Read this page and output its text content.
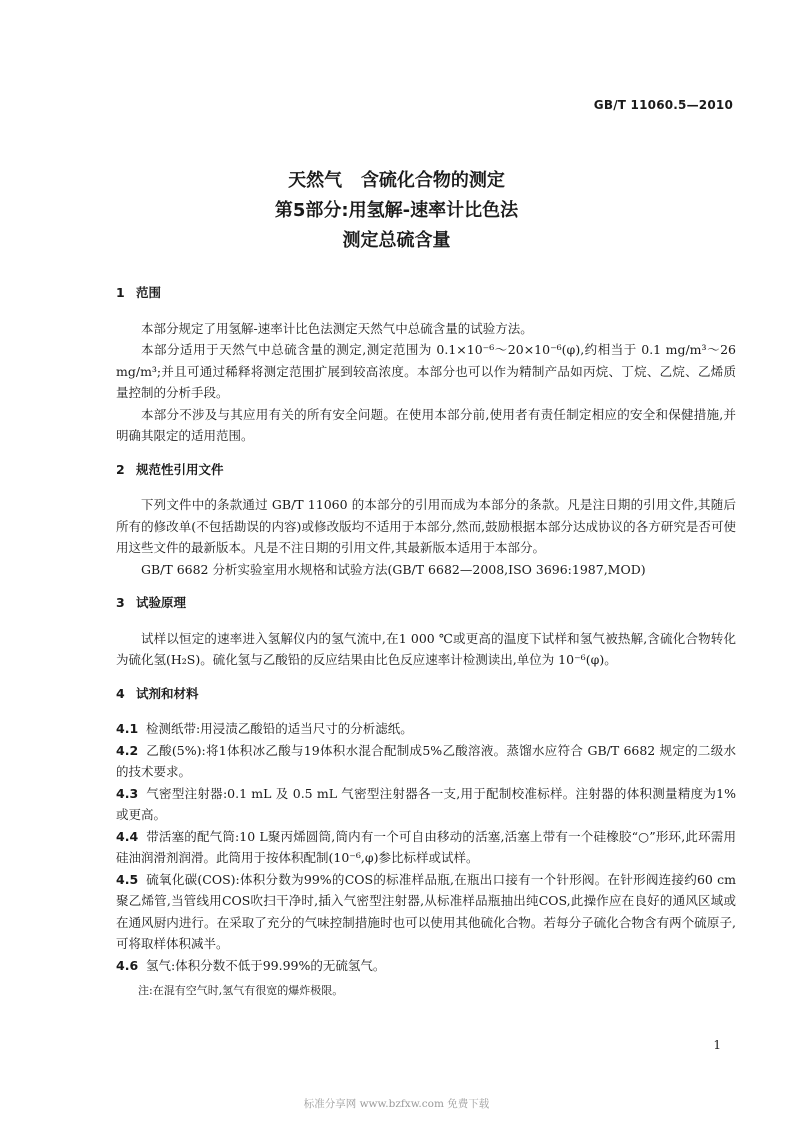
GB/T 11060.5—2010
天然气   含硫化合物的测定
第5部分:用氢解-速率计比色法
测定总硫含量
1 范围

本部分规定了用氢解-速率计比色法测定天然气中总硫含量的试验方法。

本部分适用于天然气中总硫含量的测定,测定范围为 0.1×10⁻⁶～20×10⁻⁶(φ),约相当于 0.1 mg/m³～26 mg/m³;并且可通过稀释将测定范围扩展到较高浓度。本部分也可以作为精制产品如丙烷、丁烷、乙烷、乙烯质量控制的分析手段。

本部分不涉及与其应用有关的所有安全问题。在使用本部分前,使用者有责任制定相应的安全和保健措施,并明确其限定的适用范围。

2 规范性引用文件

下列文件中的条款通过 GB/T 11060 的本部分的引用而成为本部分的条款。凡是注日期的引用文件,其随后所有的修改单(不包括勘误的内容)或修改版均不适用于本部分,然而,鼓励根据本部分达成协议的各方研究是否可使用这些文件的最新版本。凡是不注日期的引用文件,其最新版本适用于本部分。

GB/T 6682 分析实验室用水规格和试验方法(GB/T 6682—2008,ISO 3696:1987,MOD)

3 试验原理

试样以恒定的速率进入氢解仪内的氢气流中,在1 000 ℃或更高的温度下试样和氢气被热解,含硫化合物转化为硫化氢(H₂S)。硫化氢与乙酸铅的反应结果由比色反应速率计检测读出,单位为 10⁻⁶(φ)。

4 试剂和材料

4.1 检测纸带:用浸渍乙酸铅的适当尺寸的分析滤纸。

4.2 乙酸(5%):将1体积冰乙酸与19体积水混合配制成5%乙酸溶液。蒸馏水应符合 GB/T 6682 规定的二级水的技术要求。

4.3 气密型注射器:0.1 mL 及 0.5 mL 气密型注射器各一支,用于配制校准标样。注射器的体积测量精度为1%或更高。

4.4 带活塞的配气筒:10 L聚丙烯圆筒,筒内有一个可自由移动的活塞,活塞上带有一个硅橡胶“○”形环,此环需用硅油润滑剂润滑。此筒用于按体积配制(10⁻⁶,φ)参比标样或试样。

4.5 硫氧化碳(COS):体积分数为99%的COS的标准样品瓶,在瓶出口接有一个针形阀。在针形阀连接约60 cm聚乙烯管,当管线用COS吹扫干净时,插入气密型注射器,从标准样品瓶抽出纯COS,此操作应在良好的通风区域或在通风厨内进行。在采取了充分的气味控制措施时也可以使用其他硫化合物。若每分子硫化合物含有两个硫原子,可将取样体积减半。

4.6 氢气:体积分数不低于99.99%的无硫氢气。

注:在混有空气时,氢气有很宽的爆炸极限。

1
标准分享网 www.bzfxw.com 免费下载
